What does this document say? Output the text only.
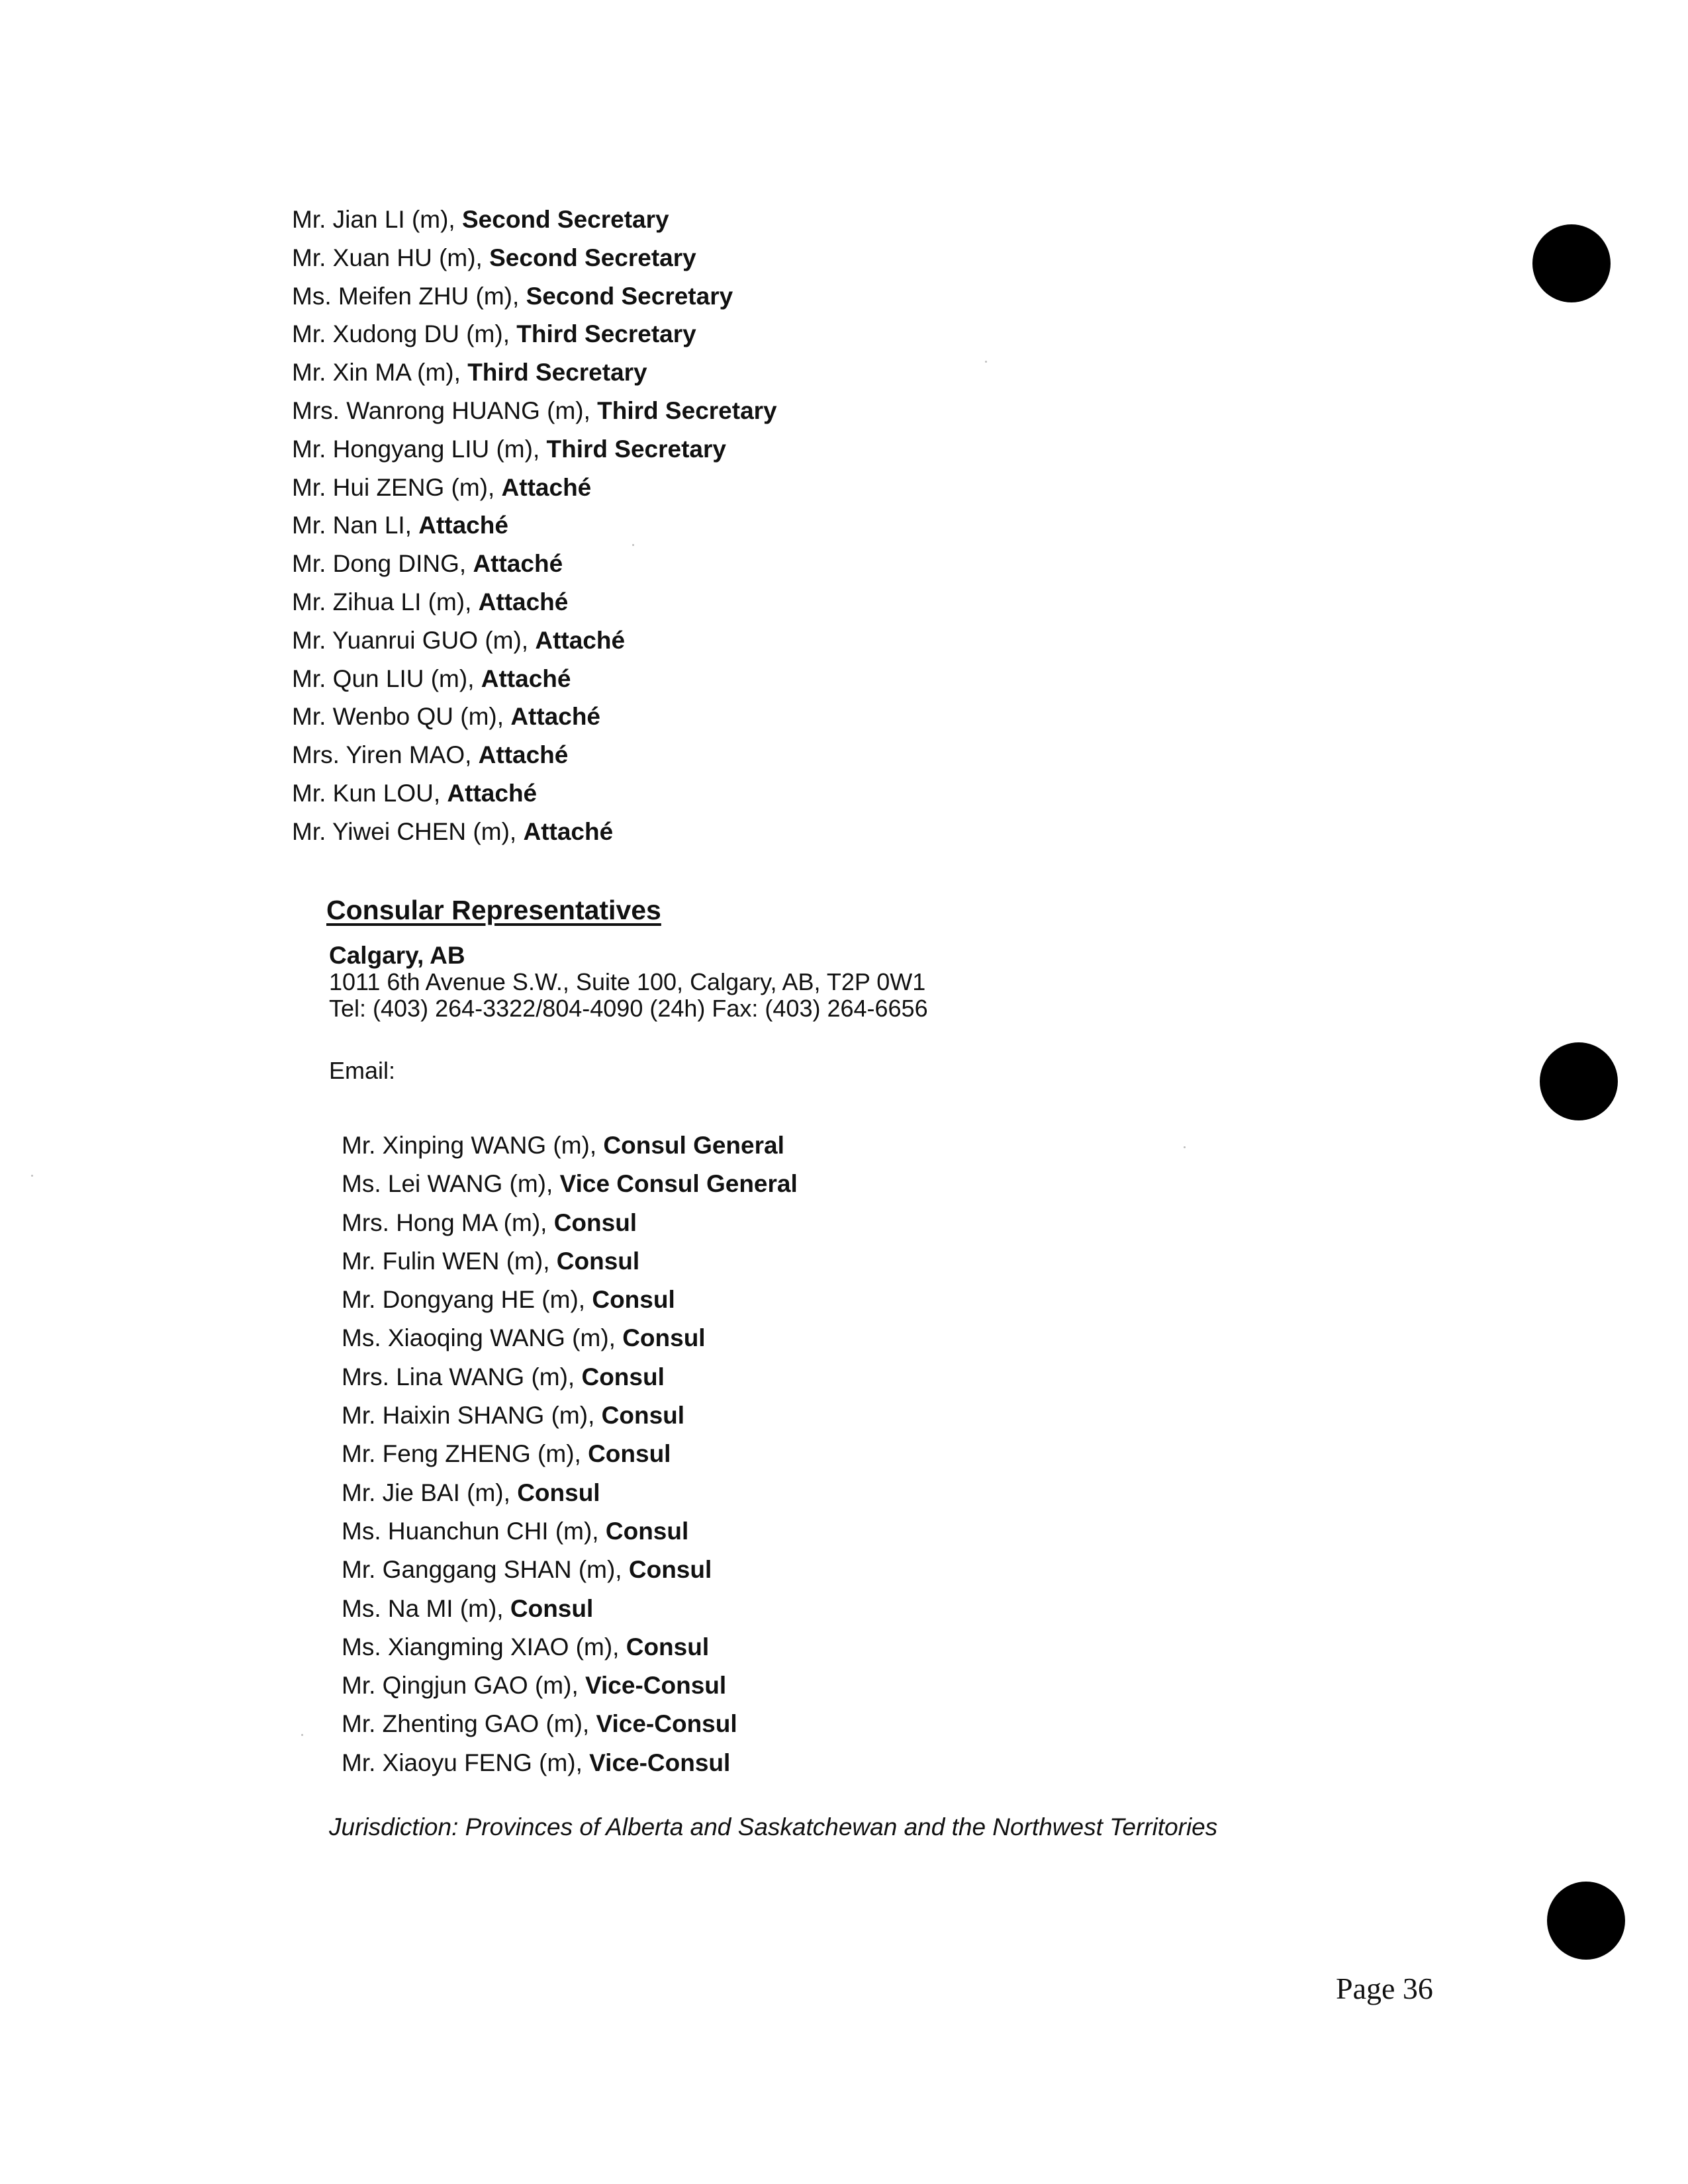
Mr. Jian LI (m), Second Secretary
Mr. Xuan HU (m), Second Secretary
Ms. Meifen ZHU (m), Second Secretary
Mr. Xudong DU (m), Third Secretary
Mr. Xin MA (m), Third Secretary
Mrs. Wanrong HUANG (m), Third Secretary
Mr. Hongyang LIU (m), Third Secretary
Mr. Hui ZENG (m), Attaché
Mr. Nan LI, Attaché
Mr. Dong DING, Attaché
Mr. Zihua LI (m), Attaché
Mr. Yuanrui GUO (m), Attaché
Mr. Qun LIU (m), Attaché
Mr. Wenbo QU (m), Attaché
Mrs. Yiren MAO, Attaché
Mr. Kun LOU, Attaché
Mr. Yiwei CHEN (m), Attaché
Consular Representatives
Calgary, AB
1011 6th Avenue S.W., Suite 100, Calgary, AB, T2P 0W1
Tel: (403) 264-3322/804-4090 (24h) Fax: (403) 264-6656
Email:
Mr. Xinping WANG (m), Consul General
Ms. Lei WANG (m), Vice Consul General
Mrs. Hong MA (m), Consul
Mr. Fulin WEN (m), Consul
Mr. Dongyang HE (m), Consul
Ms. Xiaoqing WANG (m), Consul
Mrs. Lina WANG (m), Consul
Mr. Haixin SHANG (m), Consul
Mr. Feng ZHENG (m), Consul
Mr. Jie BAI (m), Consul
Ms. Huanchun CHI (m), Consul
Mr. Ganggang SHAN (m), Consul
Ms. Na MI (m), Consul
Ms. Xiangming XIAO (m), Consul
Mr. Qingjun GAO (m), Vice-Consul
Mr. Zhenting GAO (m), Vice-Consul
Mr. Xiaoyu FENG (m), Vice-Consul
Jurisdiction: Provinces of Alberta and Saskatchewan and the Northwest Territories
Page 36
